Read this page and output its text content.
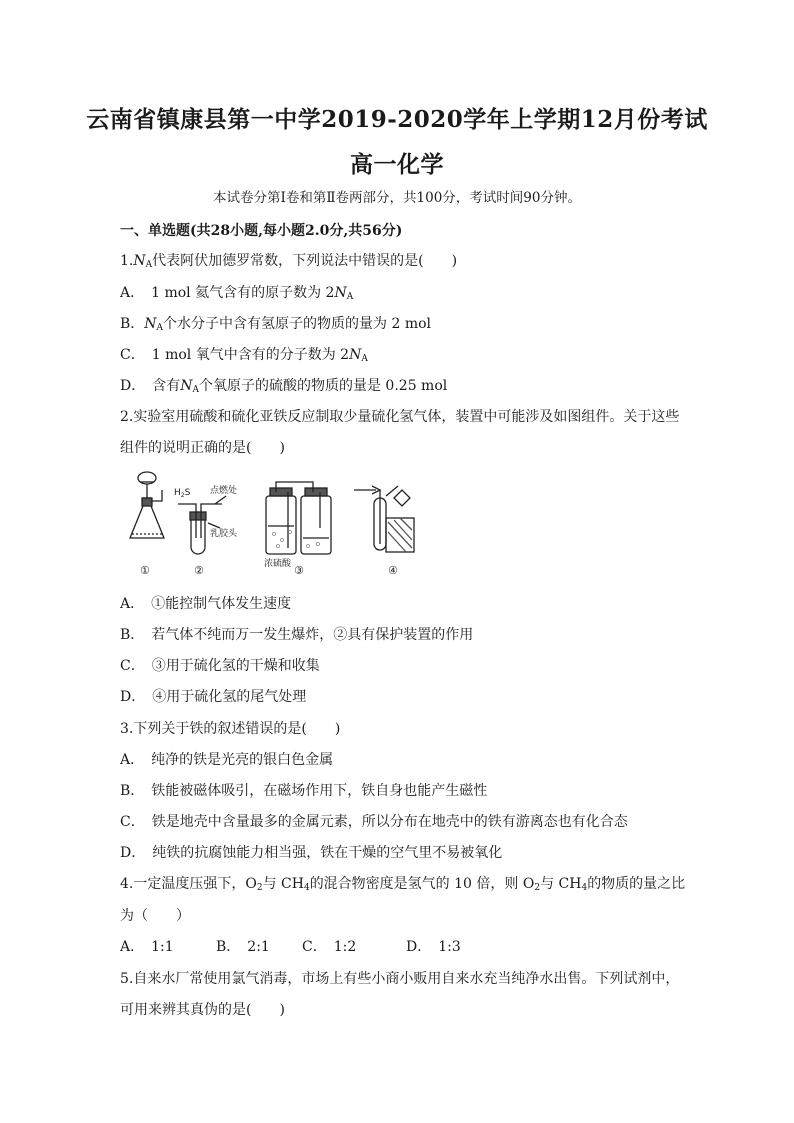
云南省镇康县第一中学2019-2020学年上学期12月份考试
高一化学
本试卷分第Ⅰ卷和第Ⅱ卷两部分，共100分，考试时间90分钟。
一、单选题(共28小题,每小题2.0分,共56分)
$1.N_A$代表阿伏加德罗常数，下列说法中错误的是(　　)
A．　1 mol 氦气含有的原子数为 $2N_A$
B．$N_A$个水分子中含有氢原子的物质的量为 2 mol
C．　1 mol 氧气中含有的分子数为 $2N_A$
D．　含有$N_A$个氧原子的硫酸的物质的量是 0.25 mol
2.实验室用硫酸和硫化亚铁反应制取少量硫化氢气体，装置中可能涉及如图组件。关于这些
组件的说明正确的是(　　)
$H_2S$ 点燃处
乳胶头
浓硫酸
①	②	③	④
A．　①能控制气体发生速度
B．　若气体不纯而万一发生爆炸，②具有保护装置的作用
C．　③用于硫化氢的干燥和收集
D．　④用于硫化氢的尾气处理
3.下列关于铁的叙述错误的是(　　)
A．　纯净的铁是光亮的银白色金属
B．　铁能被磁体吸引，在磁场作用下，铁自身也能产生磁性
C．　铁是地壳中含量最多的金属元素，所以分布在地壳中的铁有游离态也有化合态
D．　纯铁的抗腐蚀能力相当强，铁在干燥的空气里不易被氧化
4.一定温度压强下，$O_2$与 $CH_4$的混合物密度是氢气的 10 倍，则 $O_2$与 $CH_4$的物质的量之比
为（　　）
A．　1:1	B．　2:1 C．　1:2	D．　1:3
5.自来水厂常使用氯气消毒，市场上有些小商小贩用自来水充当纯净水出售。下列试剂中，
可用来辨其真伪的是(　　)
